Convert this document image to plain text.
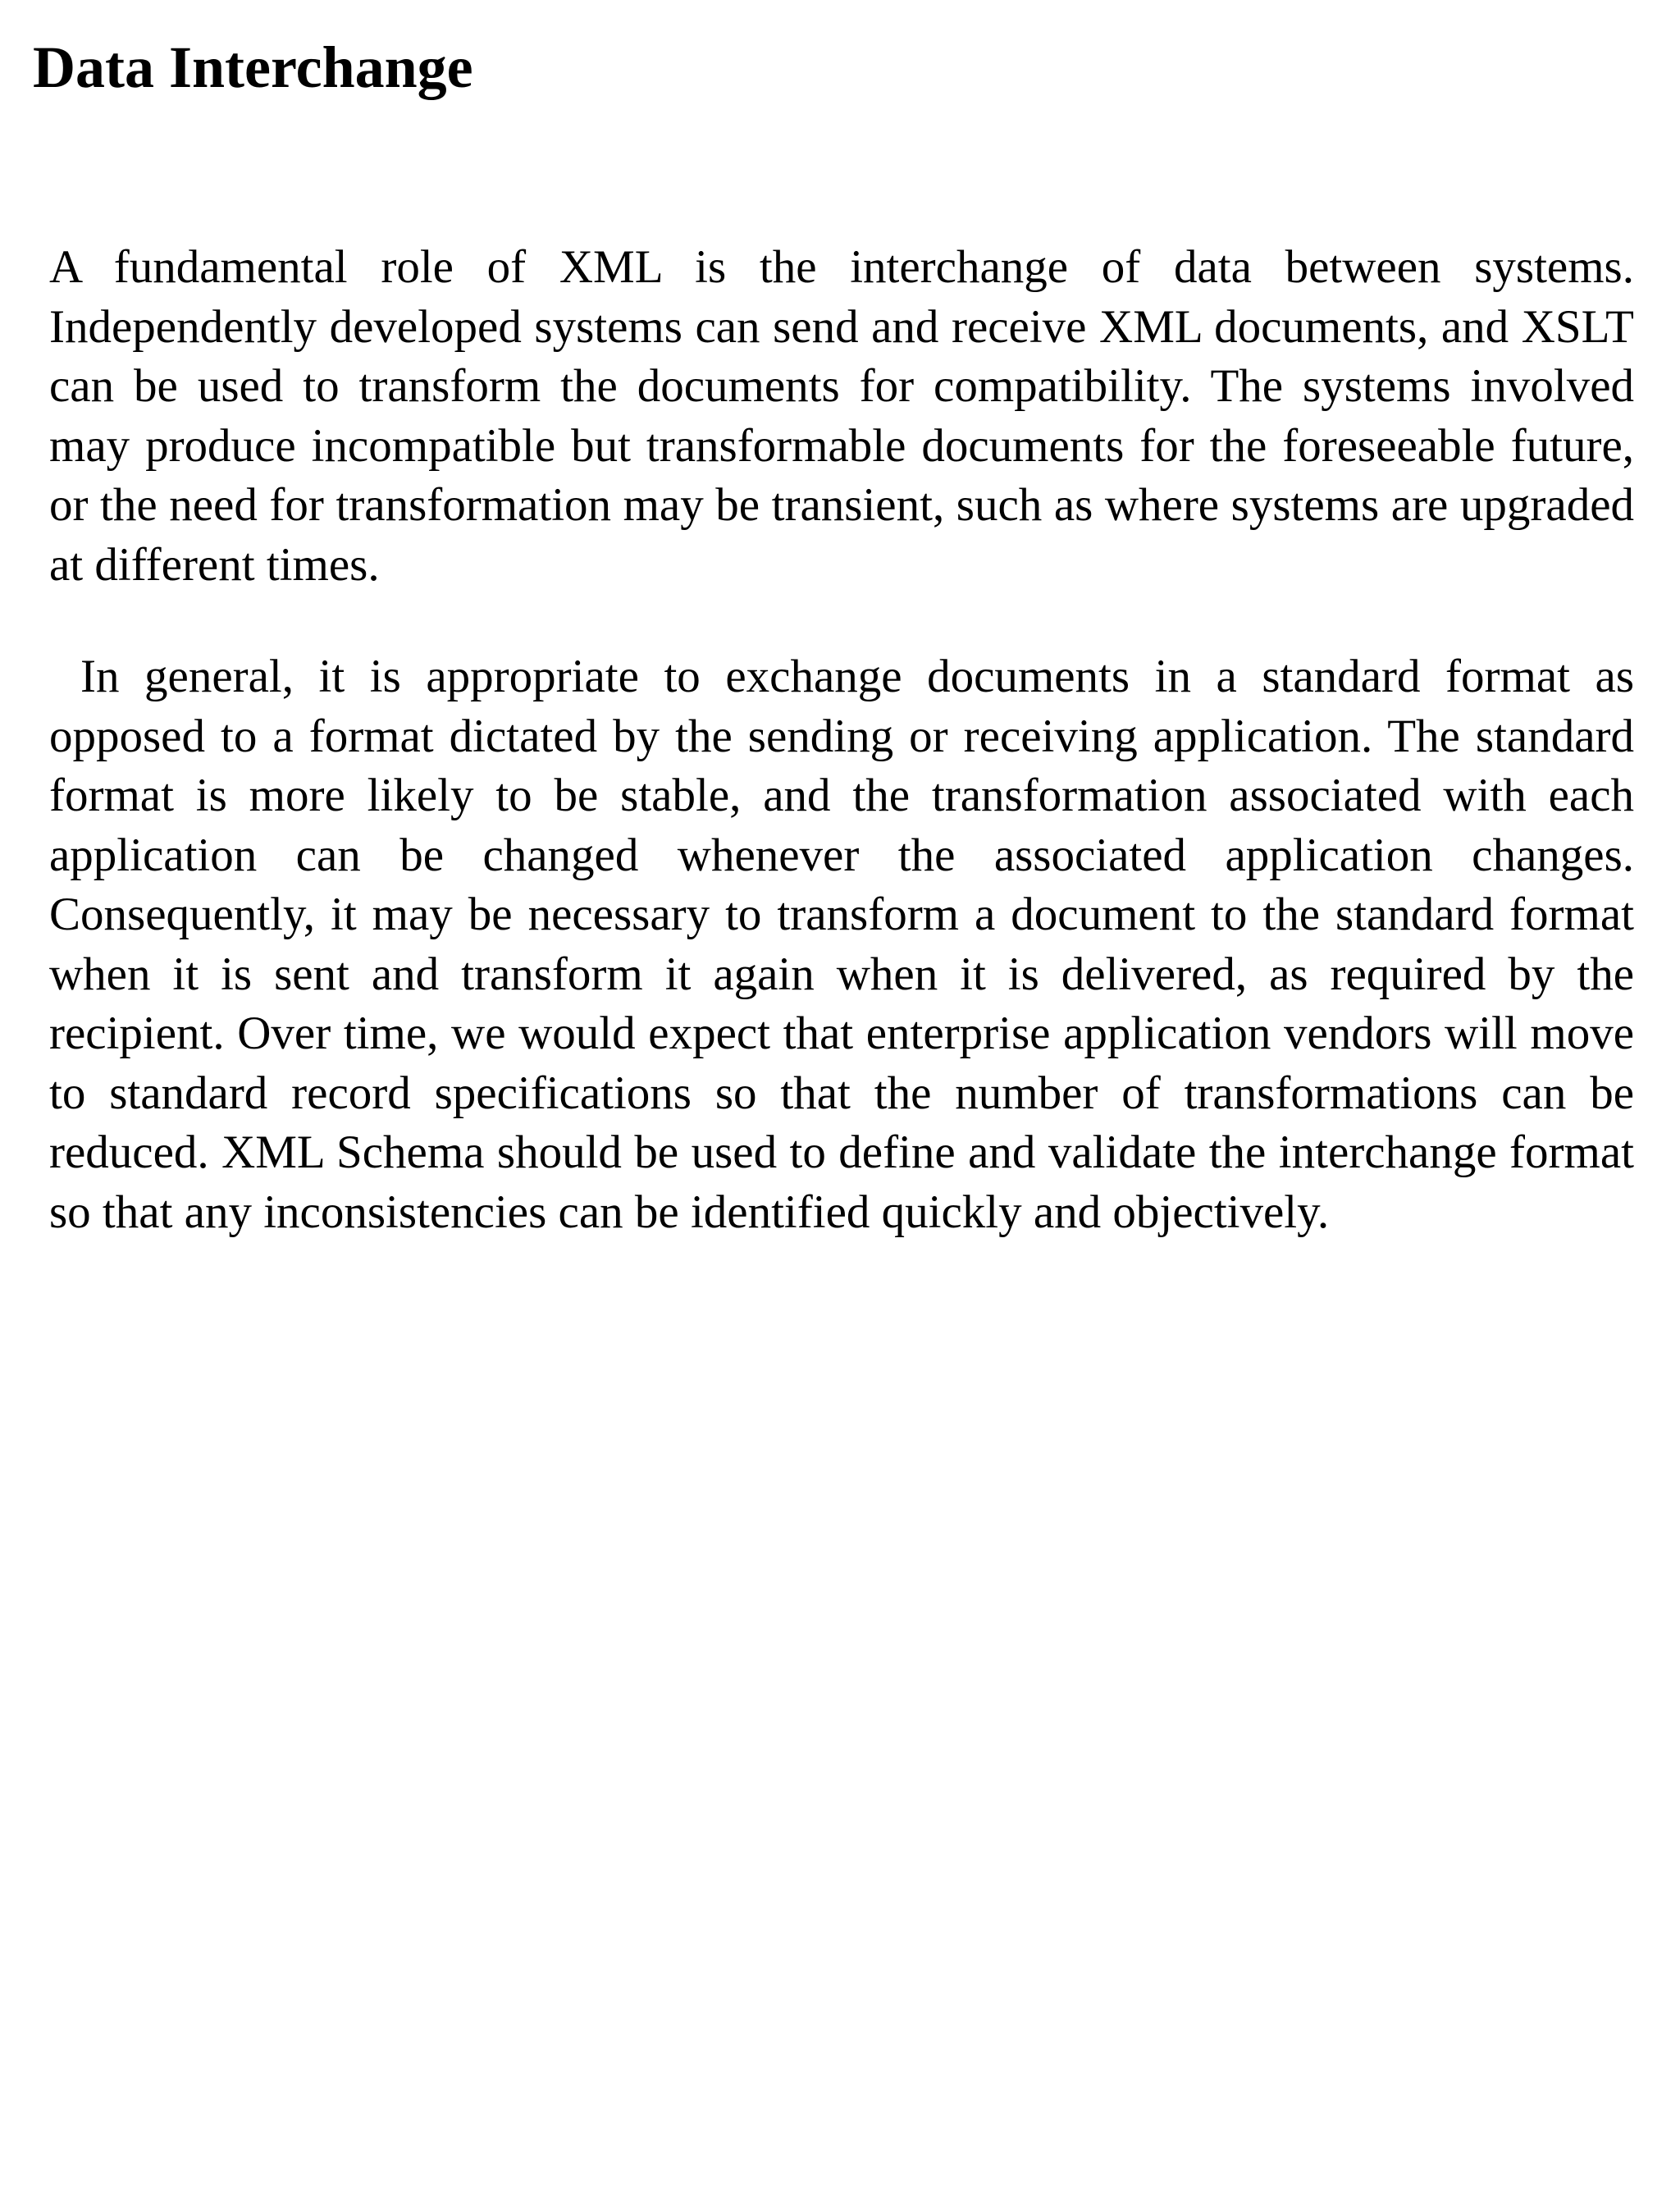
Data Interchange

A fundamental role of XML is the interchange of data between systems. Independently developed systems can send and receive XML documents, and XSLT can be used to transform the documents for compatibility. The systems involved may produce incompatible but transformable documents for the foreseeable future, or the need for transformation may be transient, such as where systems are upgraded at different times.

In general, it is appropriate to exchange documents in a standard format as opposed to a format dictated by the sending or receiving application. The standard format is more likely to be stable, and the transformation associated with each application can be changed whenever the associated application changes. Consequently, it may be necessary to transform a document to the standard format when it is sent and transform it again when it is delivered, as required by the recipient. Over time, we would expect that enterprise application vendors will move to standard record specifications so that the number of transformations can be reduced. XML Schema should be used to define and validate the interchange format so that any inconsistencies can be identified quickly and objectively.
